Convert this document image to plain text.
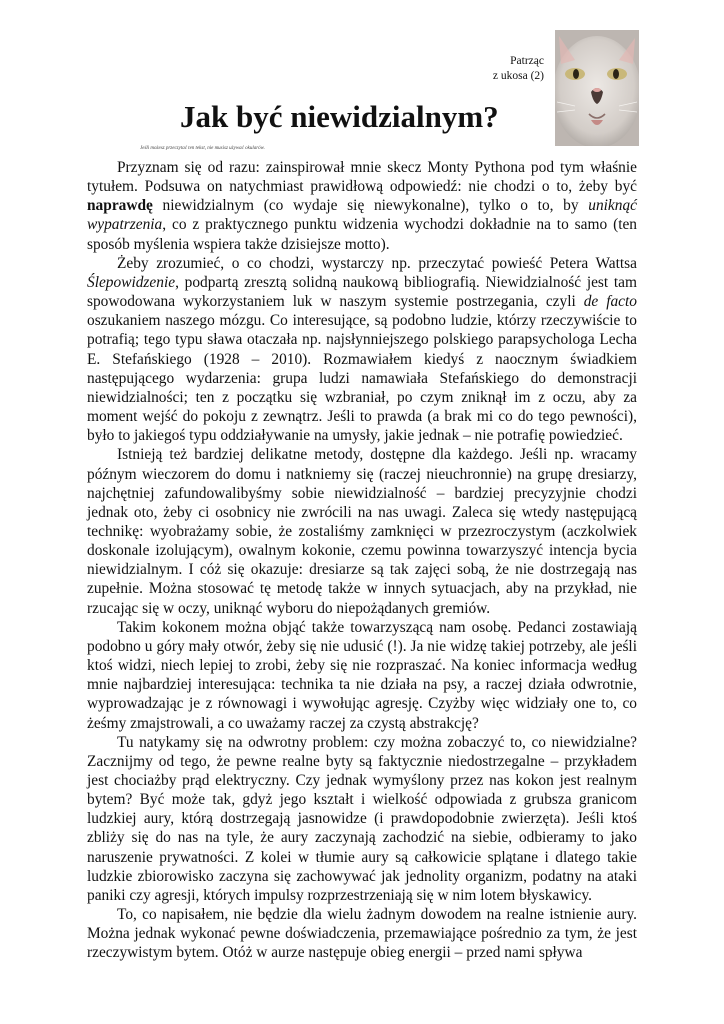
Patrząc
z ukosa (2)
Jak być niewidzialnym?
Jeśli możesz przeczytać ten tekst, nie musisz używać okularów.

Przyznam się od razu: zainspirował mnie skecz Monty Pythona pod tym właśnie tytułem. Podsuwa on natychmiast prawidłową odpowiedź: nie chodzi o to, żeby być naprawdę niewidzialnym (co wydaje się niewykonalne), tylko o to, by uniknąć wypatrzenia, co z praktycznego punktu widzenia wychodzi dokładnie na to samo (ten sposób myślenia wspiera także dzisiejsze motto).

Żeby zrozumieć, o co chodzi, wystarczy np. przeczytać powieść Petera Wattsa Ślepowidzenie, podpartą zresztą solidną naukową bibliografią. Niewidzialność jest tam spowodowana wykorzystaniem luk w naszym systemie postrzegania, czyli de facto oszukaniem naszego mózgu. Co interesujące, są podobno ludzie, którzy rzeczywiście to potrafią; tego typu sława otaczała np. najsłynniejszego polskiego parapsychologa Lecha E. Stefańskiego (1928 – 2010). Rozmawiałem kiedyś z naocznym świadkiem następującego wydarzenia: grupa ludzi namawiała Stefańskiego do demonstracji niewidzialności; ten z początku się wzbraniał, po czym zniknął im z oczu, aby za moment wejść do pokoju z zewnątrz. Jeśli to prawda (a brak mi co do tego pewności), było to jakiegoś typu oddziaływanie na umysły, jakie jednak – nie potrafię powiedzieć.

Istnieją też bardziej delikatne metody, dostępne dla każdego. Jeśli np. wracamy późnym wieczorem do domu i natkniemy się (raczej nieuchronnie) na grupę dresiarzy, najchętniej zafundowalibyśmy sobie niewidzialność – bardziej precyzyjnie chodzi jednak oto, żeby ci osobnicy nie zwrócili na nas uwagi. Zaleca się wtedy następującą technikę: wyobrażamy sobie, że zostaliśmy zamknięci w przezroczystym (aczkolwiek doskonale izolującym), owalnym kokonie, czemu powinna towarzyszyć intencja bycia niewidzialnym. I cóż się okazuje: dresiarze są tak zajęci sobą, że nie dostrzegają nas zupełnie. Można stosować tę metodę także w innych sytuacjach, aby na przykład, nie rzucając się w oczy, uniknąć wyboru do niepożądanych gremiów.

Takim kokonem można objąć także towarzyszącą nam osobę. Pedanci zostawiają podobno u góry mały otwór, żeby się nie udusić (!). Ja nie widzę takiej potrzeby, ale jeśli ktoś widzi, niech lepiej to zrobi, żeby się nie rozpraszać. Na koniec informacja według mnie najbardziej interesująca: technika ta nie działa na psy, a raczej działa odwrotnie, wyprowadzając je z równowagi i wywołując agresję. Czyżby więc widziały one to, co żeśmy zmajstrowali, a co uważamy raczej za czystą abstrakcję?

Tu natykamy się na odwrotny problem: czy można zobaczyć to, co niewidzialne? Zacznijmy od tego, że pewne realne byty są faktycznie niedostrzegalne – przykładem jest chociażby prąd elektryczny. Czy jednak wymyślony przez nas kokon jest realnym bytem? Być może tak, gdyż jego kształt i wielkość odpowiada z grubsza granicom ludzkiej aury, którą dostrzegają jasnowidze (i prawdopodobnie zwierzęta). Jeśli ktoś zbliży się do nas na tyle, że aury zaczynają zachodzić na siebie, odbieramy to jako naruszenie prywatności. Z kolei w tłumie aury są całkowicie splątane i dlatego takie ludzkie zbiorowisko zaczyna się zachowywać jak jednolity organizm, podatny na ataki paniki czy agresji, których impulsy rozprzestrzeniają się w nim lotem błyskawicy.

To, co napisałem, nie będzie dla wielu żadnym dowodem na realne istnienie aury. Można jednak wykonać pewne doświadczenia, przemawiające pośrednio za tym, że jest rzeczywistym bytem. Otóż w aurze następuje obieg energii – przed nami spływa
